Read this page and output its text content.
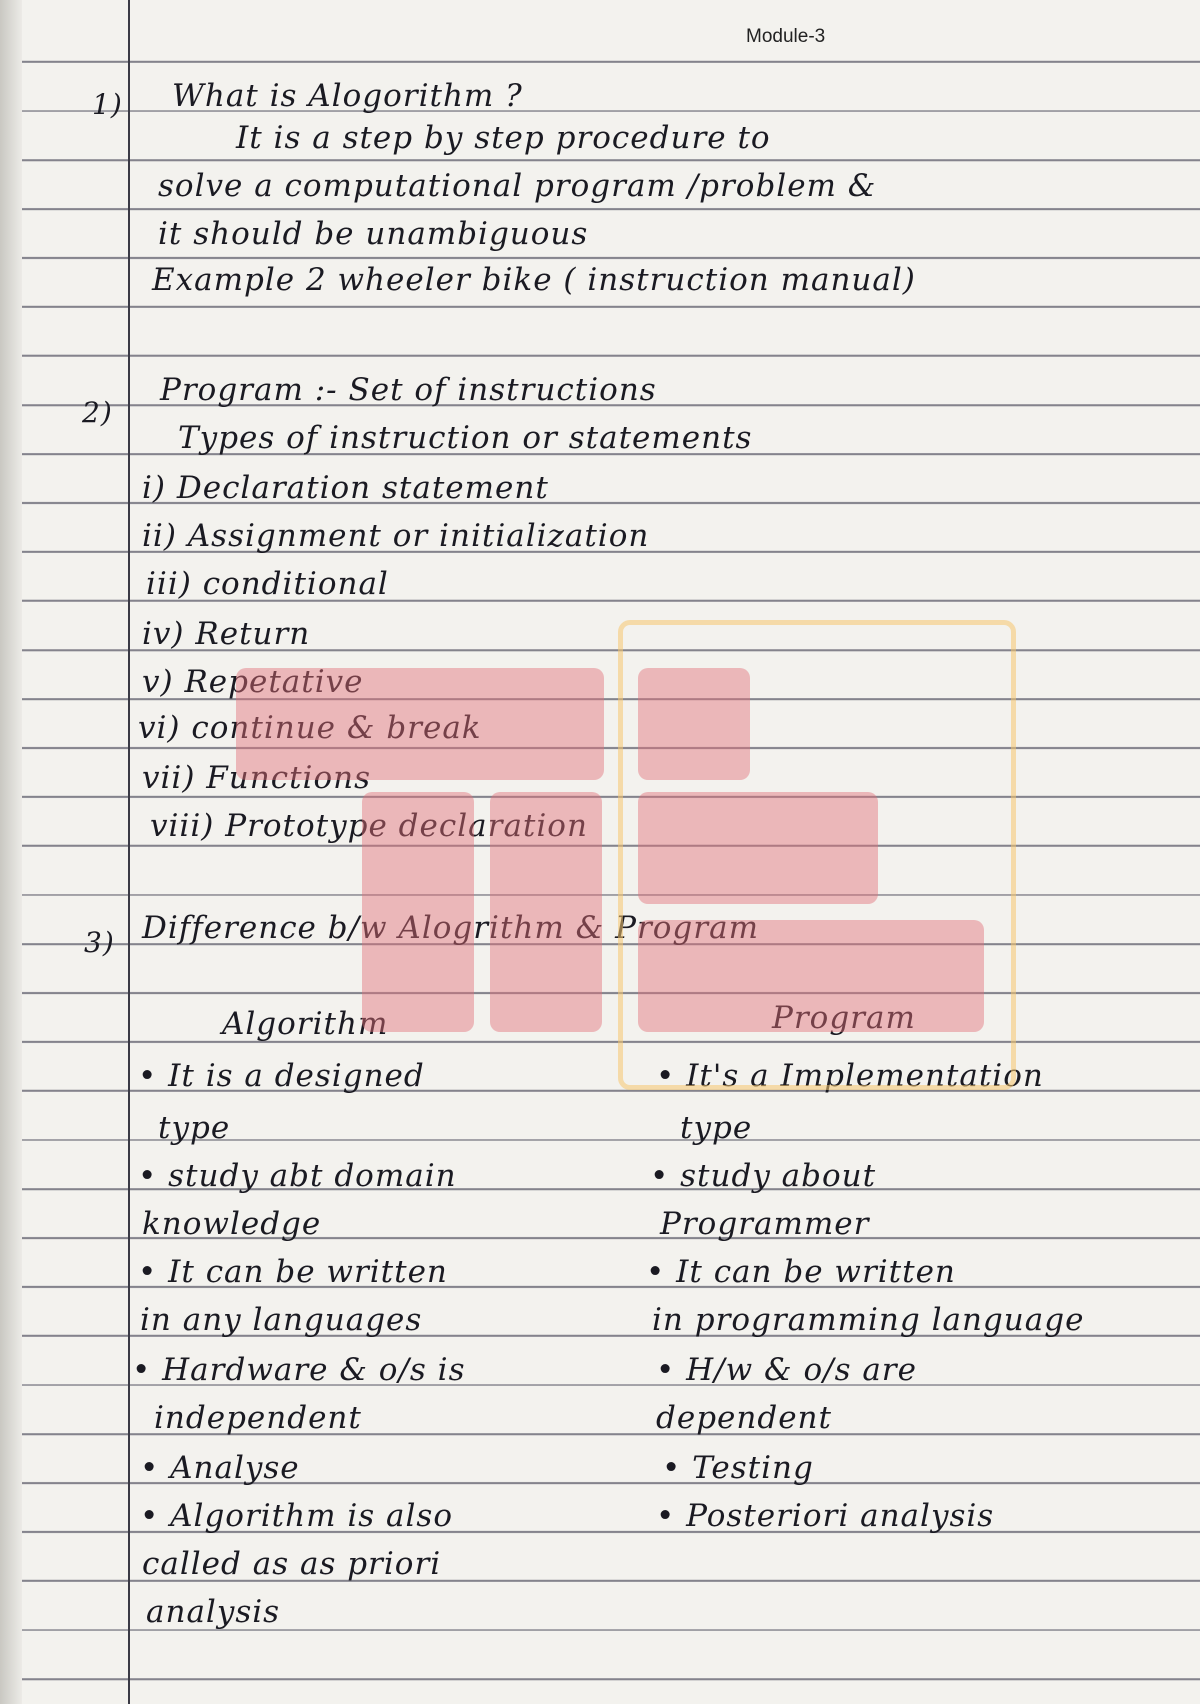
Module-3
1) What is Alogorithm ?
It is a step by step procedure to
solve a computational program /problem &
it should be unambiguous
Example 2 wheeler bike ( instruction manual)
2)
Program :- Set of instructions
Types of instruction or statements
i) Declaration statement
ii) Assignment or initialization
iii) conditional
iv) Return
v) Repetative
vi) continue & break
vii) Functions
viii) Prototype declaration
3) Difference b/w Alogrithm & Program
Algorithm	Program
• It is a designed
type
• study abt domain
knowledge
• It can be written
in any languages
• Hardware & o/s is
independent
• Analyse
• Algorithm is also
called as as priori
analysis
• It's a Implementation
type
• study about
Programmer
• It can be written
in programming language
• H/w & o/s are
dependent
• Testing
• Posteriori analysis
